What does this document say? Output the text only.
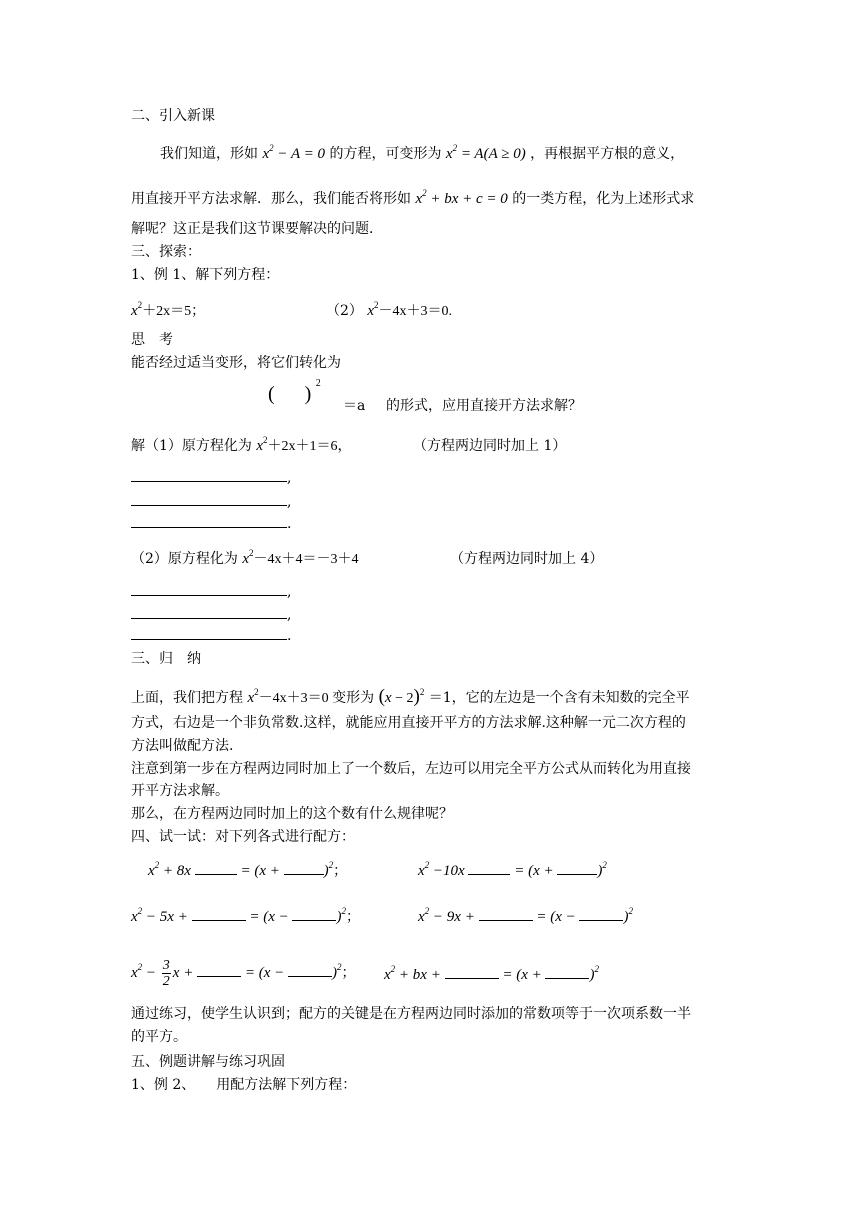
二、引入新课
我们知道，形如 $x^2 - A = 0$ 的方程，可变形为 $x^2 = A(A \ge 0)$ ，再根据平方根的意义，
用直接开平方法求解．那么，我们能否将形如 $x^2$ + bx + c = 0 的一类方程，化为上述形式求
解呢？这正是我们这节课要解决的问题．
三、探索：
1、例 1、解下列方程：
$x^2+2x=5$；	（2） $x^2-4x+3=0$.
思　考
能否经过适当变形，将它们转化为
(      ) $^2$
＝a 的形式，应用直接开方法求解？
解（1）原方程化为 $x^2+2x+1=6$，	（方程两边同时加上 1）
,
,
.
（2）原方程化为 $x^2-4x+4=-3+4$	（方程两边同时加上 4）
,
,
.
三、归　纳
上面，我们把方程 $x^2-4x+3=0$ 变形为 $(x - 2)^2 =1$，它的左边是一个含有未知数的完全平
方式，右边是一个非负常数.这样，就能应用直接开平方的方法求解.这种解一元二次方程的
方法叫做配方法.
注意到第一步在方程两边同时加上了一个数后，左边可以用完全平方公式从而转化为用直接
开平方法求解。
那么，在方程两边同时加上的这个数有什么规律呢？
四、试一试：对下列各式进行配方：
$x^2 + 8x$	= (x +	)$^2$；	$x^2 -10x$	= (x +	)$^2$
$x^2 - 5x$ +	= (x −	)$^2$；	$x^2 - 9x$ +	= (x −	)$^2$
$x^2 - \frac{3}{2}$ x +	= (x −	)$^2$； $x^2$ + bx +	= (x +	)$^2$
通过练习，使学生认识到；配方的关键是在方程两边同时添加的常数项等于一次项系数一半
的平方。
五、例题讲解与练习巩固
1、例 2、　　用配方法解下列方程：
